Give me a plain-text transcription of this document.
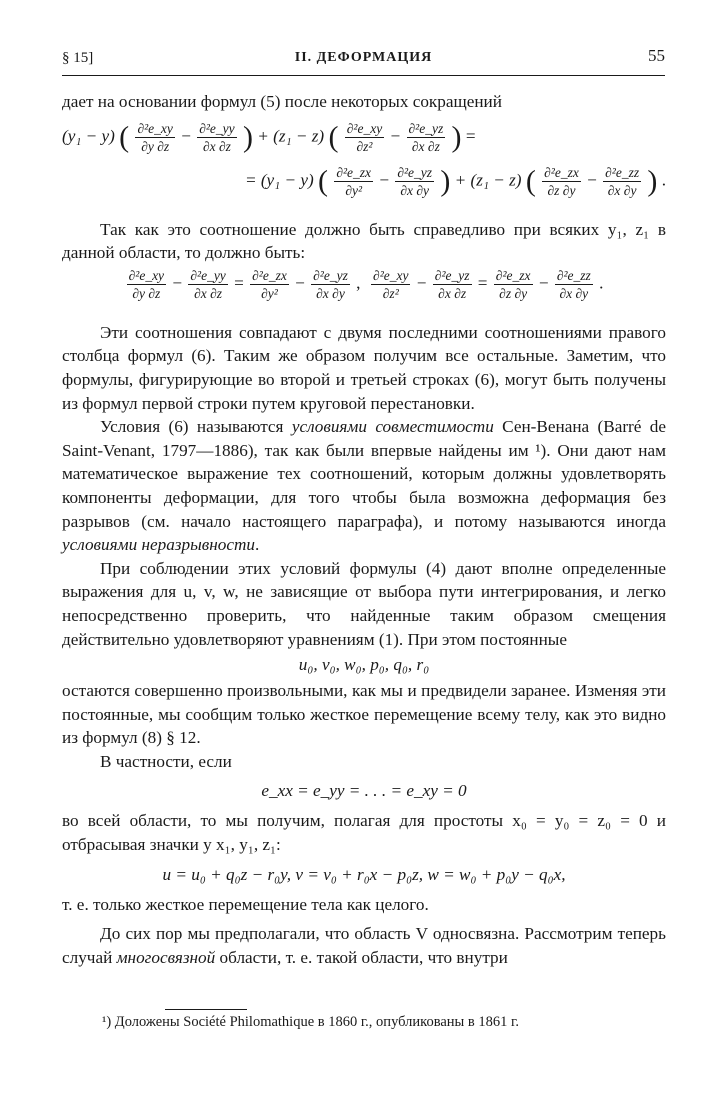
§ 15]	II. ДЕФОРМАЦИЯ	55

дает на основании формул (5) после некоторых сокращений

(y₁ − y) ( $\frac{\text{∂²e\_xy}}{\partial y \partial z} - \frac{\text{∂²e\_yy}}{\partial x \partial z}$ ) + (z₁ − z) ( $\frac{\text{∂²e\_xy}}{\text{∂z²}} - \frac{\text{∂²e\_yz}}{\partial x \partial z}$ ) =
= (y₁ − y) ( $\frac{\text{∂²e\_zx}}{\text{∂y²}} - \frac{\text{∂²e\_yz}}{\partial x \partial y}$ ) + (z₁ − z) ( $\frac{\text{∂²e\_zx}}{\partial z \partial y} - \frac{\text{∂²e\_zz}}{\partial x \partial y}$ ) .

Так как это соотношение должно быть справедливо при всяких y₁, z₁ в данной области, то должно быть:

$\frac{\text{∂²e\_xy}}{\partial y \partial z} - \frac{\text{∂²e\_yy}}{\partial x \partial z} = \frac{\text{∂²e\_zx}}{\text{∂y²}} - \frac{\text{∂²e\_yz}}{\partial x \partial y}$ , $\frac{\text{∂²e\_xy}}{\text{∂z²}} - \frac{\text{∂²e\_yz}}{\partial x \partial z} = \frac{\text{∂²e\_zx}}{\partial z \partial y} - \frac{\text{∂²e\_zz}}{\partial x \partial y}$ .

Эти соотношения совпадают с двумя последними соотношениями правого столбца формул (6). Таким же образом получим все остальные. Заметим, что формулы, фигурирующие во второй и третьей строках (6), могут быть получены из формул первой строки путем круговой перестановки.

Условия (6) называются условиями совместимости Сен-Венана (Barré de Saint-Venant, 1797—1886), так как были впервые найдены им ¹). Они дают нам математическое выражение тех соотношений, которым должны удовлетворять компоненты деформации, для того чтобы была возможна деформация без разрывов (см. начало настоящего параграфа), и потому называются иногда условиями неразрывности.

При соблюдении этих условий формулы (4) дают вполне определенные выражения для u, v, w, не зависящие от выбора пути интегрирования, и легко непосредственно проверить, что найденные таким образом смещения действительно удовлетворяют уравнениям (1). При этом постоянные

u₀, v₀, w₀, p₀, q₀, r₀

остаются совершенно произвольными, как мы и предвидели заранее. Изменяя эти постоянные, мы сообщим только жесткое перемещение всему телу, как это видно из формул (8) § 12.

В частности, если

e_xx = e_yy = . . . = e_xy = 0

во всей области, то мы получим, полагая для простоты x₀ = y₀ = z₀ = 0 и отбрасывая значки у x₁, y₁, z₁:

u = u₀ + q₀z − r₀y, v = v₀ + r₀x − p₀z, w = w₀ + p₀y − q₀x,

т. е. только жесткое перемещение тела как целого.

До сих пор мы предполагали, что область V односвязна. Рассмотрим теперь случай многосвязной области, т. е. такой области, что внутри

¹) Доложены Société Philomathique в 1860 г., опубликованы в 1861 г.
